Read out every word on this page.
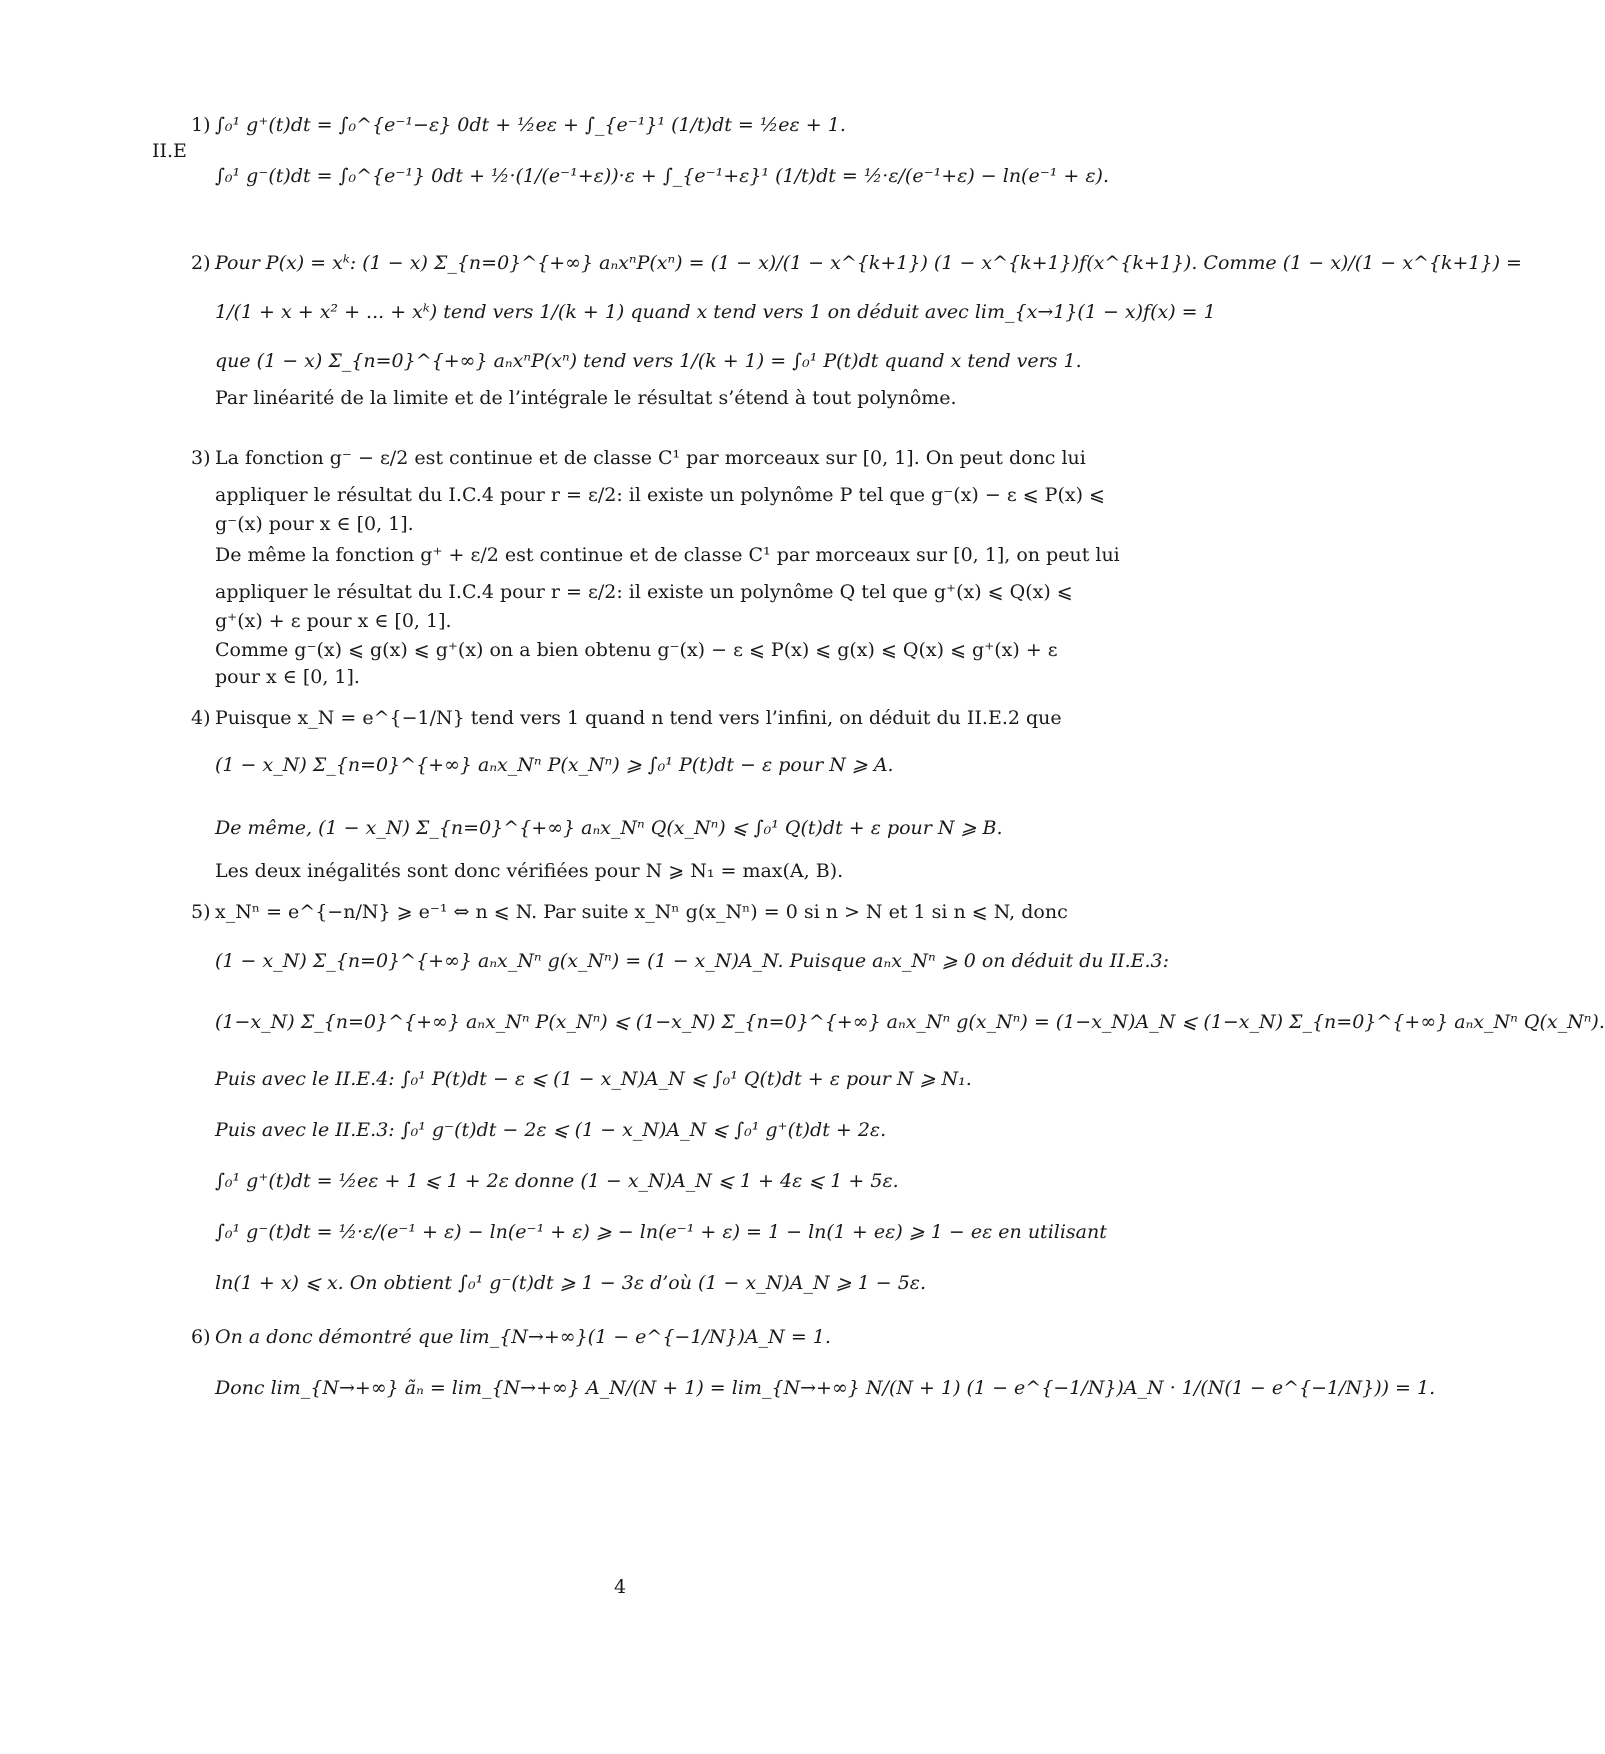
II.E
1) ∫₀¹ g⁺(t)dt = ∫₀^{e⁻¹−ε} 0dt + ½eε + ∫_{e⁻¹}¹ (1/t)dt = ½eε + 1.
∫₀¹ g⁻(t)dt = ∫₀^{e⁻¹} 0dt + ½·(1/(e⁻¹+ε))·ε + ∫_{e⁻¹+ε}¹ (1/t)dt = ½·ε/(e⁻¹+ε) − ln(e⁻¹ + ε).
2) Pour P(x) = xᵏ: (1 − x) Σ_{n=0}^{+∞} aₙxⁿP(xⁿ) = (1 − x)/(1 − x^{k+1}) (1 − x^{k+1})f(x^{k+1}). Comme (1 − x)/(1 − x^{k+1}) =
1/(1 + x + x² + ... + xᵏ) tend vers 1/(k + 1) quand x tend vers 1 on déduit avec lim_{x→1}(1 − x)f(x) = 1
que (1 − x) Σ_{n=0}^{+∞} aₙxⁿP(xⁿ) tend vers 1/(k + 1) = ∫₀¹ P(t)dt quand x tend vers 1.
Par linéarité de la limite et de l’intégrale le résultat s’étend à tout polynôme.
3) La fonction g⁻ − ε/2 est continue et de classe C¹ par morceaux sur [0, 1]. On peut donc lui
appliquer le résultat du I.C.4 pour r = ε/2: il existe un polynôme P tel que g⁻(x) − ε ⩽ P(x) ⩽
g⁻(x) pour x ∈ [0, 1].
De même la fonction g⁺ + ε/2 est continue et de classe C¹ par morceaux sur [0, 1], on peut lui
appliquer le résultat du I.C.4 pour r = ε/2: il existe un polynôme Q tel que g⁺(x) ⩽ Q(x) ⩽
g⁺(x) + ε pour x ∈ [0, 1].
Comme g⁻(x) ⩽ g(x) ⩽ g⁺(x) on a bien obtenu g⁻(x) − ε ⩽ P(x) ⩽ g(x) ⩽ Q(x) ⩽ g⁺(x) + ε
pour x ∈ [0, 1].
4) Puisque x_N = e^{−1/N} tend vers 1 quand n tend vers l’infini, on déduit du II.E.2 que
(1 − x_N) Σ_{n=0}^{+∞} aₙx_Nⁿ P(x_Nⁿ) ⩾ ∫₀¹ P(t)dt − ε pour N ⩾ A.
De même, (1 − x_N) Σ_{n=0}^{+∞} aₙx_Nⁿ Q(x_Nⁿ) ⩽ ∫₀¹ Q(t)dt + ε pour N ⩾ B.
Les deux inégalités sont donc vérifiées pour N ⩾ N₁ = max(A, B).
5) x_Nⁿ = e^{−n/N} ⩾ e⁻¹ ⇔ n ⩽ N. Par suite x_Nⁿ g(x_Nⁿ) = 0 si n > N et 1 si n ⩽ N, donc
(1 − x_N) Σ_{n=0}^{+∞} aₙx_Nⁿ g(x_Nⁿ) = (1 − x_N)A_N. Puisque aₙx_Nⁿ ⩾ 0 on déduit du II.E.3:
(1−x_N) Σ_{n=0}^{+∞} aₙx_Nⁿ P(x_Nⁿ) ⩽ (1−x_N) Σ_{n=0}^{+∞} aₙx_Nⁿ g(x_Nⁿ) = (1−x_N)A_N ⩽ (1−x_N) Σ_{n=0}^{+∞} aₙx_Nⁿ Q(x_Nⁿ).
Puis avec le II.E.4: ∫₀¹ P(t)dt − ε ⩽ (1 − x_N)A_N ⩽ ∫₀¹ Q(t)dt + ε pour N ⩾ N₁.
Puis avec le II.E.3: ∫₀¹ g⁻(t)dt − 2ε ⩽ (1 − x_N)A_N ⩽ ∫₀¹ g⁺(t)dt + 2ε.
∫₀¹ g⁺(t)dt = ½eε + 1 ⩽ 1 + 2ε donne (1 − x_N)A_N ⩽ 1 + 4ε ⩽ 1 + 5ε.
∫₀¹ g⁻(t)dt = ½·ε/(e⁻¹ + ε) − ln(e⁻¹ + ε) ⩾ − ln(e⁻¹ + ε) = 1 − ln(1 + eε) ⩾ 1 − eε en utilisant
ln(1 + x) ⩽ x. On obtient ∫₀¹ g⁻(t)dt ⩾ 1 − 3ε d’où (1 − x_N)A_N ⩾ 1 − 5ε.
6) On a donc démontré que lim_{N→+∞}(1 − e^{−1/N})A_N = 1.
Donc lim_{N→+∞} ãₙ = lim_{N→+∞} A_N/(N + 1) = lim_{N→+∞} N/(N + 1) (1 − e^{−1/N})A_N · 1/(N(1 − e^{−1/N})) = 1.
4
